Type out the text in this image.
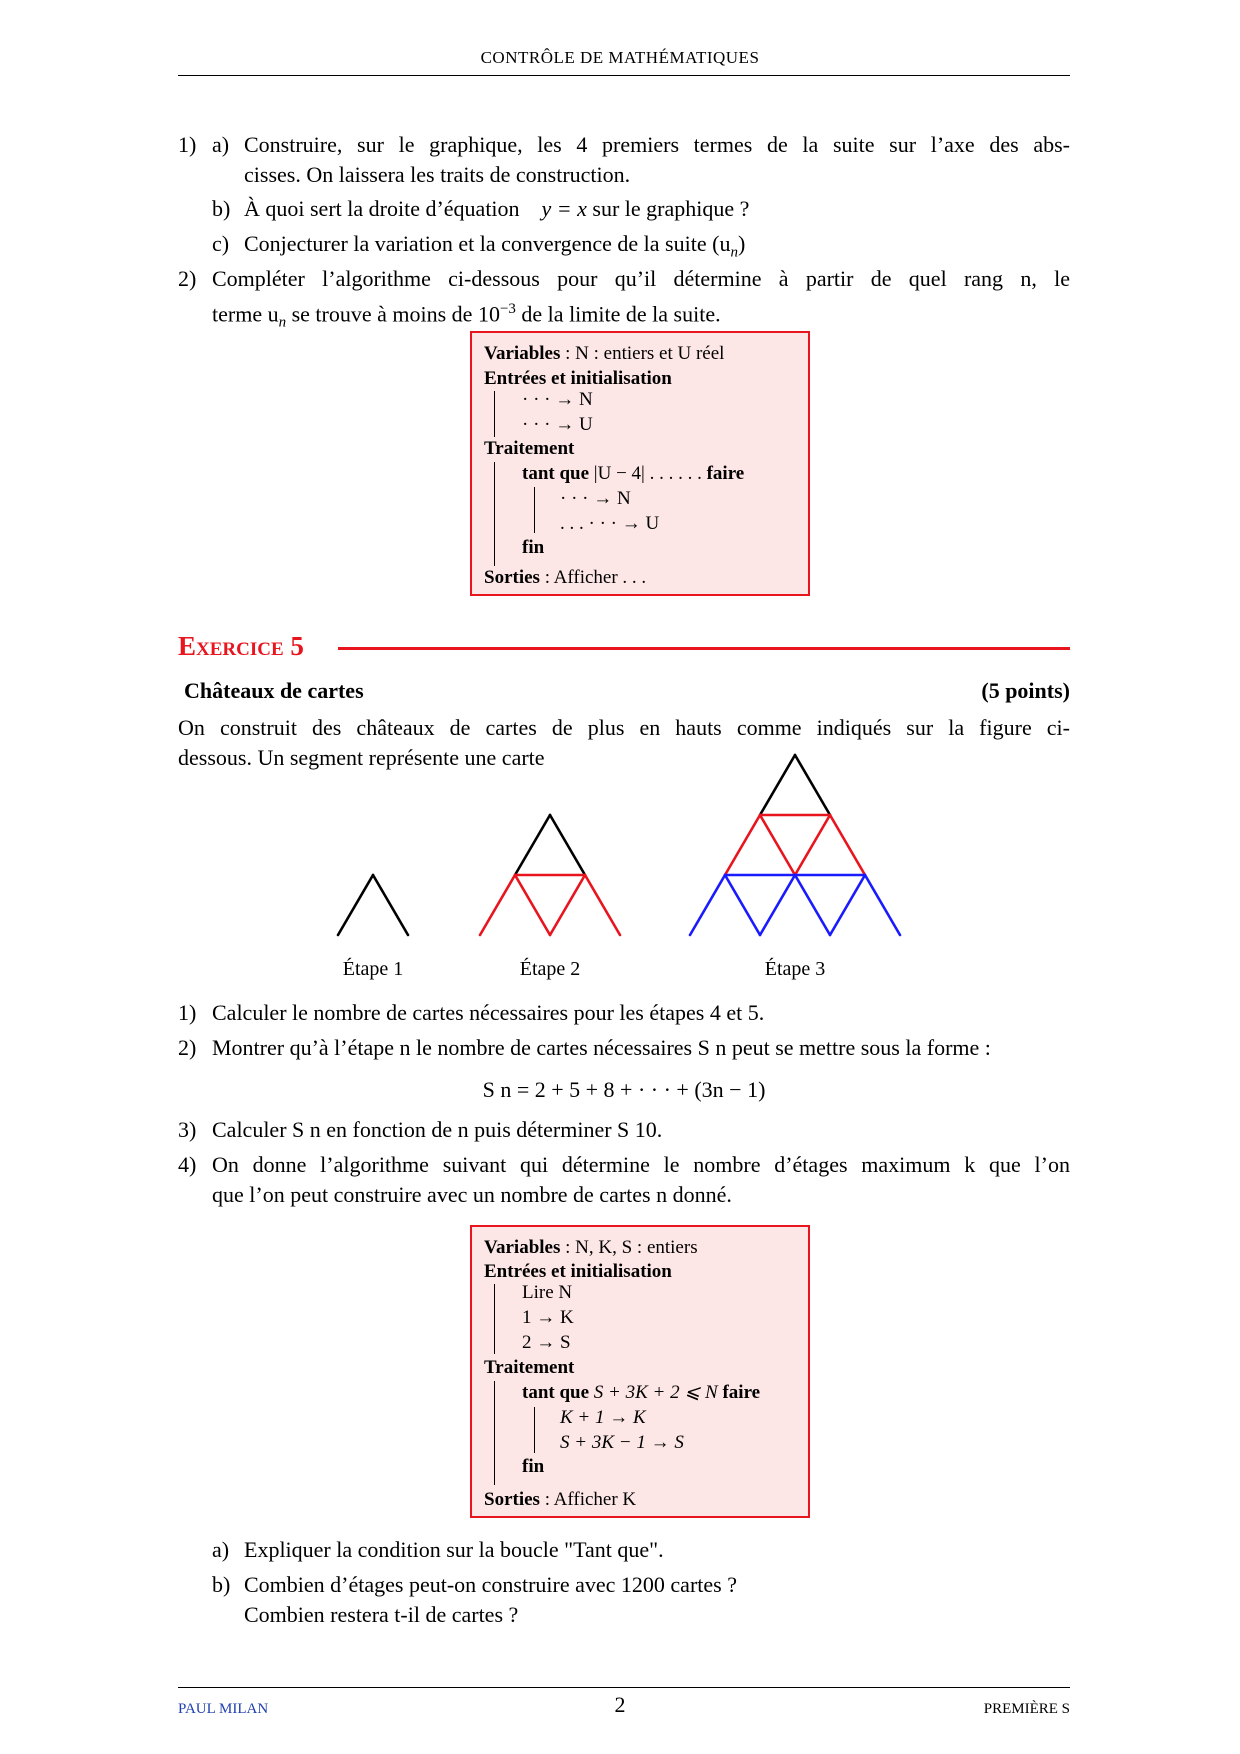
CONTRÔLE DE MATHÉMATIQUES
1) a) Construire, sur le graphique, les 4 premiers termes de la suite sur l’axe des abs-
cisses. On laissera les traits de construction.
b) À quoi sert la droite d’équation y = x sur le graphique ?
c) Conjecturer la variation et la convergence de la suite $(u_n)$
2) Compléter l’algorithme ci-dessous pour qu’il détermine à partir de quel rang n, le
terme $u_n$ se trouve à moins de $10^{-3}$ de la limite de la suite.
Variables : N : entiers et U réel
Entrées et initialisation
· · · → N
· · · → U
Traitement
tant que |U − 4| . . . . . . faire
· · · → N
. . . · · · → U
fin
Sorties : Afficher . . .
Exercice 5
Châteaux de cartes	(5 points)
On construit des châteaux de cartes de plus en hauts comme indiqués sur la figure ci-
dessous. Un segment représente une carte
Étape 1	Étape 2	Étape 3
1) Calculer le nombre de cartes nécessaires pour les étapes 4 et 5.
2) Montrer qu’à l’étape n le nombre de cartes nécessaires S n peut se mettre sous la forme :
S n = 2 + 5 + 8 + · · · + (3n − 1)
3) Calculer S n en fonction de n puis déterminer S 10.
4) On donne l’algorithme suivant qui détermine le nombre d’étages maximum k que l’on
que l’on peut construire avec un nombre de cartes n donné.
Variables : N, K, S : entiers
Entrées et initialisation
Lire N
1 → K
2 → S
Traitement
tant que S + 3K + 2 ⩽ N faire
K + 1 → K
S + 3K − 1 → S
fin
Sorties : Afficher K
a) Expliquer la condition sur la boucle "Tant que".
b) Combien d’étages peut-on construire avec 1200 cartes ?
Combien restera t-il de cartes ?
PAUL MILAN	2	PREMIÈRE S
